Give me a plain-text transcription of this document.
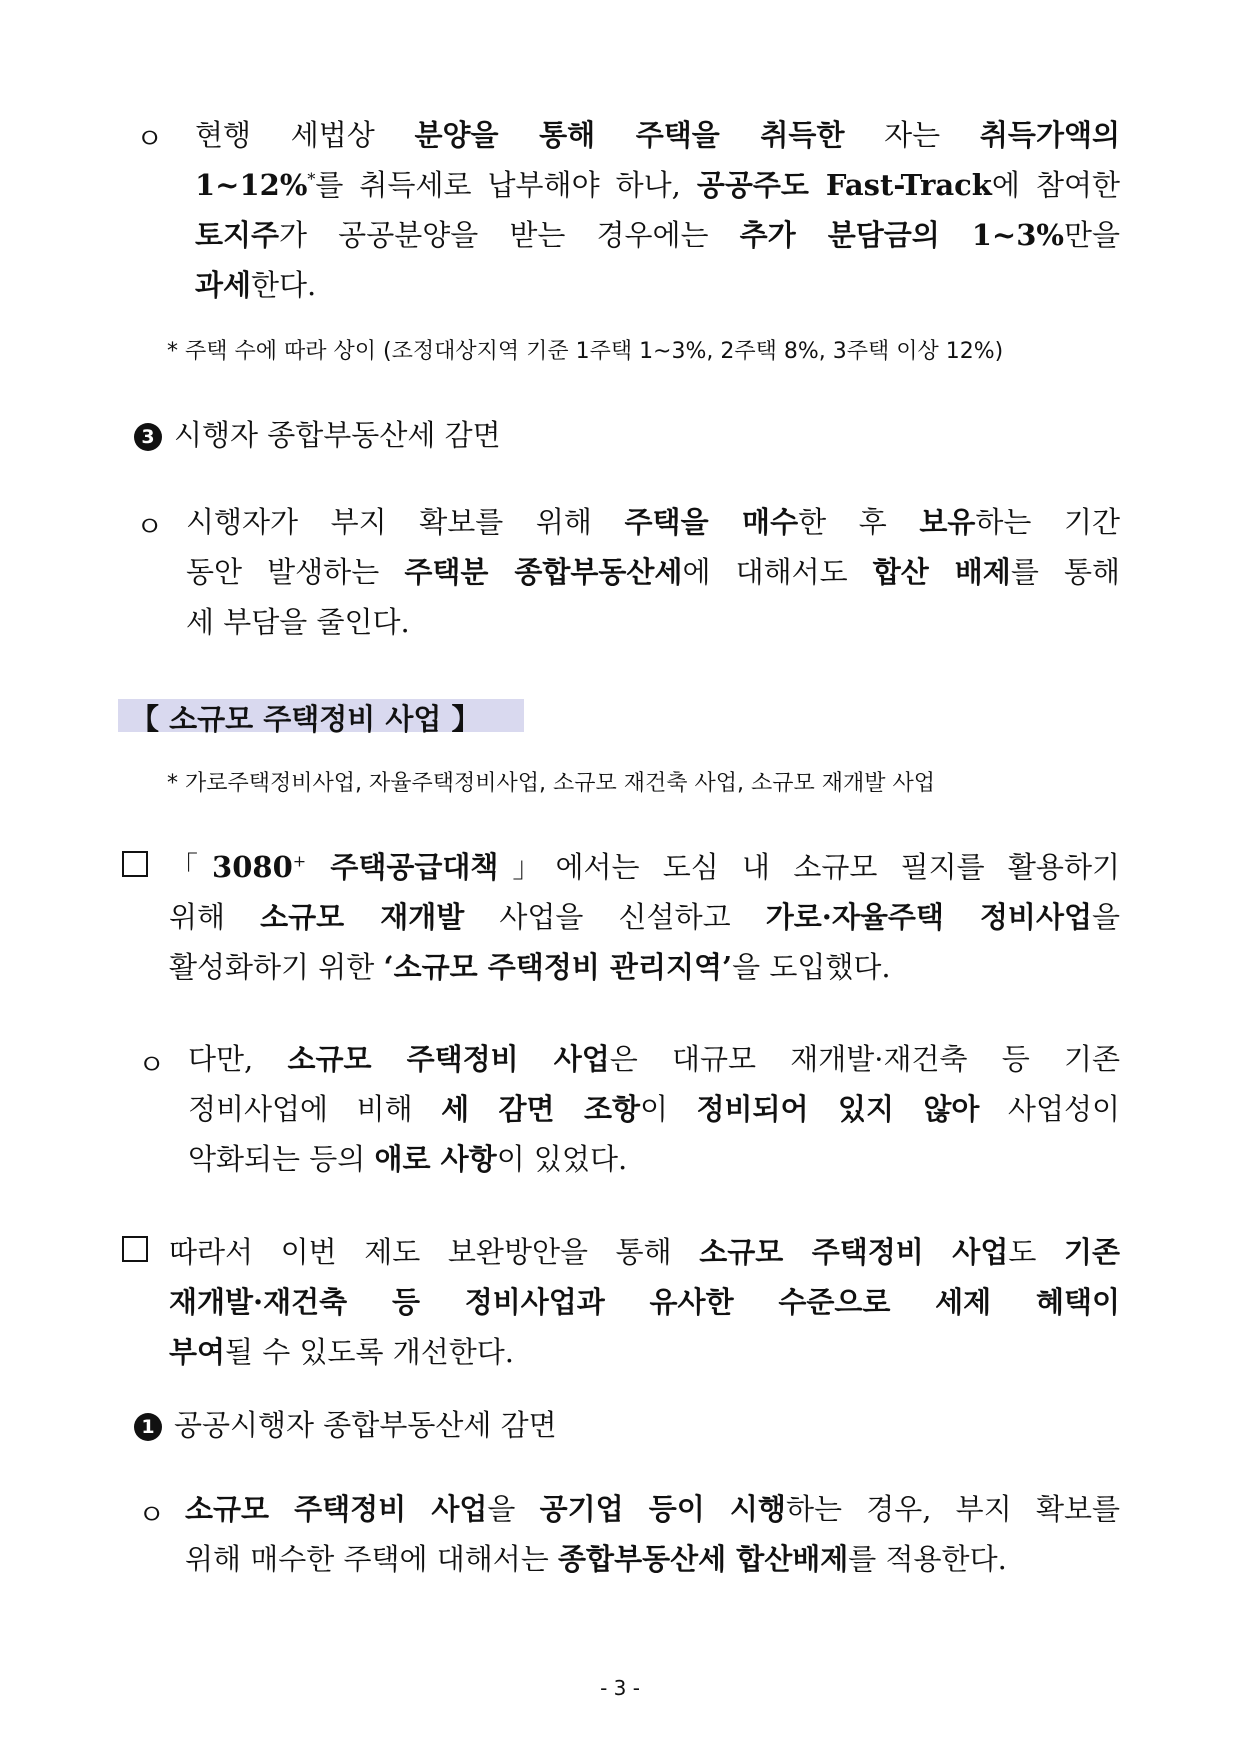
ㅇ 현행 세법상 분양을 통해 주택을 취득한 자는 취득가액의
1~12%*를 취득세로 납부해야 하나, 공공주도 Fast-Track에 참여한
토지주가 공공분양을 받는 경우에는 추가 분담금의 1~3%만을
과세한다.
* 주택 수에 따라 상이 (조정대상지역 기준 1주택 1~3%, 2주택 8%, 3주택 이상 12%)
3 시행자 종합부동산세 감면
ㅇ 시행자가 부지 확보를 위해 주택을 매수한 후 보유하는 기간
동안 발생하는 주택분 종합부동산세에 대해서도 합산 배제를 통해
세 부담을 줄인다.
【 소규모 주택정비 사업 】
* 가로주택정비사업, 자율주택정비사업, 소규모 재건축 사업, 소규모 재개발 사업
「3080+ 주택공급대책」에서는 도심 내 소규모 필지를 활용하기
위해 소규모 재개발 사업을 신설하고 가로·자율주택 정비사업을
활성화하기 위한 ‘소규모 주택정비 관리지역’을 도입했다.
ㅇ 다만, 소규모 주택정비 사업은 대규모 재개발·재건축 등 기존
정비사업에 비해 세 감면 조항이 정비되어 있지 않아 사업성이
악화되는 등의 애로 사항이 있었다.
따라서 이번 제도 보완방안을 통해 소규모 주택정비 사업도 기존
재개발·재건축 등 정비사업과 유사한 수준으로 세제 혜택이
부여될 수 있도록 개선한다.
1 공공시행자 종합부동산세 감면
ㅇ 소규모 주택정비 사업을 공기업 등이 시행하는 경우, 부지 확보를
위해 매수한 주택에 대해서는 종합부동산세 합산배제를 적용한다.
- 3 -
